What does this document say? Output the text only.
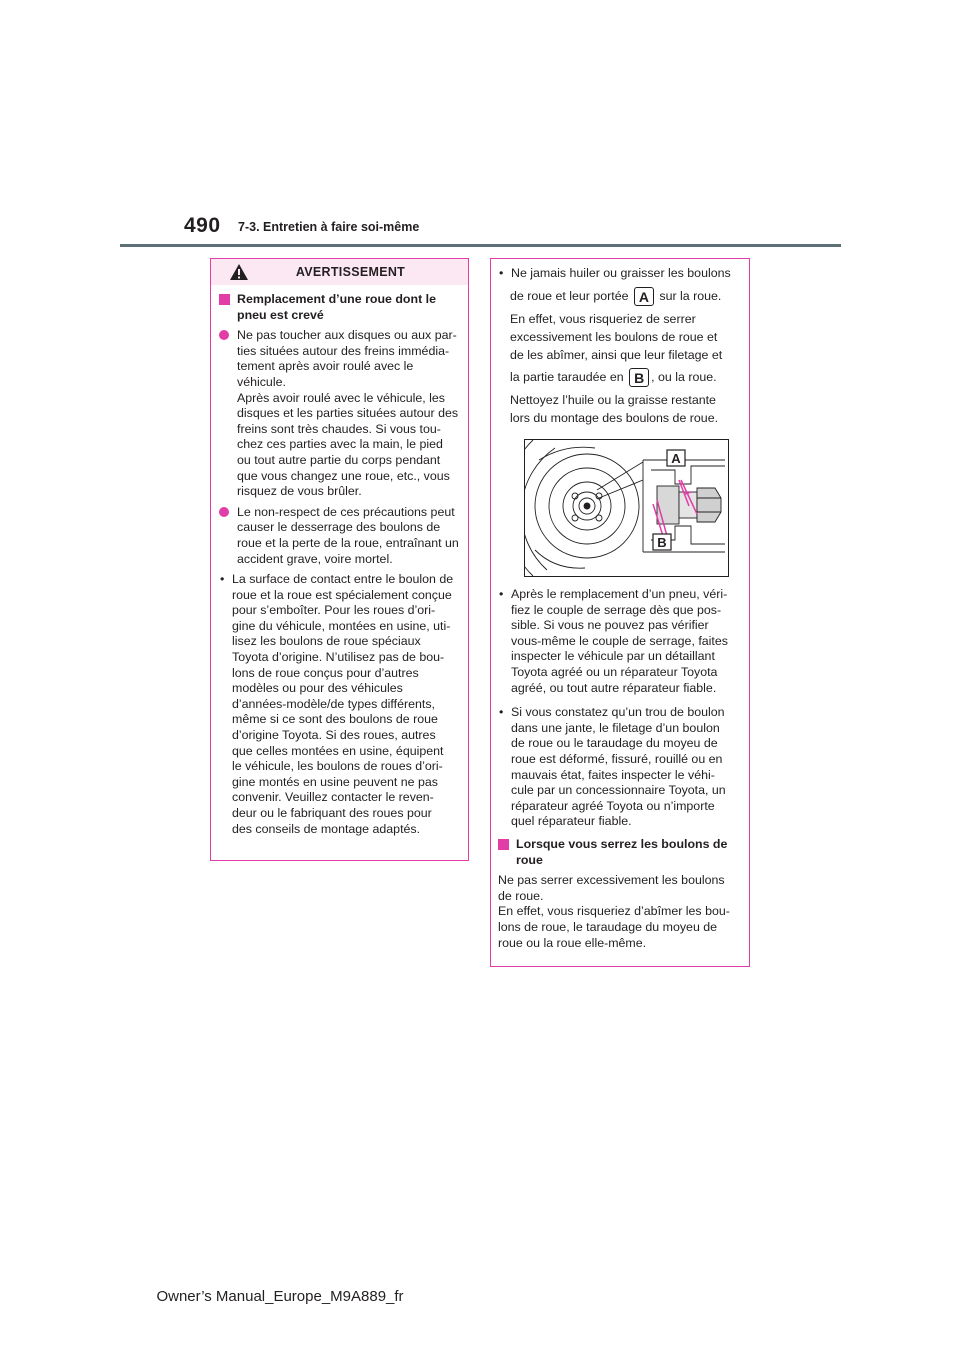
490 7-3. Entretien à faire soi-même
AVERTISSEMENT
Remplacement d’une roue dont le pneu est crevé
Ne pas toucher aux disques ou aux par-
ties situées autour des freins immédia-
tement après avoir roulé avec le
véhicule.
Après avoir roulé avec le véhicule, les
disques et les parties situées autour des
freins sont très chaudes. Si vous tou-
chez ces parties avec la main, le pied
ou tout autre partie du corps pendant
que vous changez une roue, etc., vous
risquez de vous brûler.
Le non-respect de ces précautions peut
causer le desserrage des boulons de
roue et la perte de la roue, entraînant un
accident grave, voire mortel.
• La surface de contact entre le boulon de
roue et la roue est spécialement conçue
pour s’emboîter. Pour les roues d’ori-
gine du véhicule, montées en usine, uti-
lisez les boulons de roue spéciaux
Toyota d’origine. N’utilisez pas de bou-
lons de roue conçus pour d’autres
modèles ou pour des véhicules
d’années-modèle/de types différents,
même si ce sont des boulons de roue
d’origine Toyota. Si des roues, autres
que celles montées en usine, équipent
le véhicule, les boulons de roues d’ori-
gine montés en usine peuvent ne pas
convenir. Veuillez contacter le reven-
deur ou le fabriquant des roues pour
des conseils de montage adaptés.
• Ne jamais huiler ou graisser les boulons
de roue et leur portée A sur la roue.
En effet, vous risqueriez de serrer
excessivement les boulons de roue et
de les abîmer, ainsi que leur filetage et
la partie taraudée en B , ou la roue.
Nettoyez l’huile ou la graisse restante
lors du montage des boulons de roue.
A
B
• Après le remplacement d’un pneu, véri-
fiez le couple de serrage dès que pos-
sible. Si vous ne pouvez pas vérifier
vous-même le couple de serrage, faites
inspecter le véhicule par un détaillant
Toyota agréé ou un réparateur Toyota
agréé, ou tout autre réparateur fiable.
• Si vous constatez qu’un trou de boulon
dans une jante, le filetage d’un boulon
de roue ou le taraudage du moyeu de
roue est déformé, fissuré, rouillé ou en
mauvais état, faites inspecter le véhi-
cule par un concessionnaire Toyota, un
réparateur agréé Toyota ou n’importe
quel réparateur fiable.
Lorsque vous serrez les boulons de roue
Ne pas serrer excessivement les boulons
de roue.
En effet, vous risqueriez d’abîmer les bou-
lons de roue, le taraudage du moyeu de
roue ou la roue elle-même.
Owner’s Manual_Europe_M9A889_fr
